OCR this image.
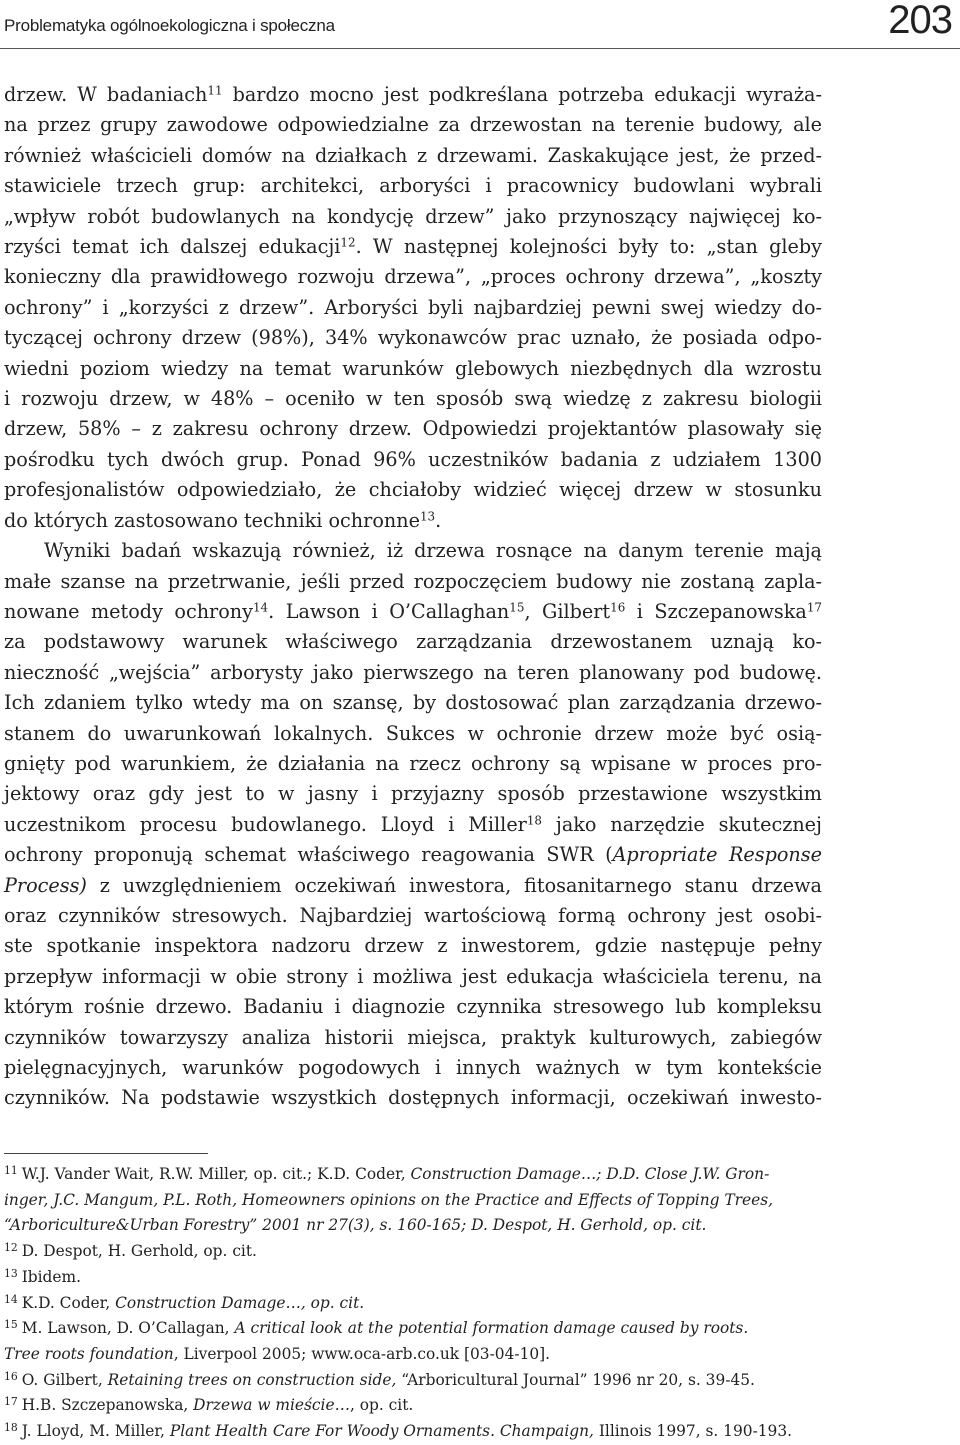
Problematyka ogólnoekologiczna i społeczna	203

drzew. W badaniach$^{11}$ bardzo mocno jest podkreślana potrzeba edukacji wyraża-
na przez grupy zawodowe odpowiedzialne za drzewostan na terenie budowy, ale
również właścicieli domów na działkach z drzewami. Zaskakujące jest, że przed-
stawiciele trzech grup: architekci, arboryści i pracownicy budowlani wybrali
„wpływ robót budowlanych na kondycję drzew” jako przynoszący najwięcej ko-
rzyści temat ich dalszej edukacji$^{12}$. W następnej kolejności były to: „stan gleby
konieczny dla prawidłowego rozwoju drzewa”, „proces ochrony drzewa”, „koszty
ochrony” i „korzyści z drzew”. Arboryści byli najbardziej pewni swej wiedzy do-
tyczącej ochrony drzew (98%), 34% wykonawców prac uznało, że posiada odpo-
wiedni poziom wiedzy na temat warunków glebowych niezbędnych dla wzrostu
i rozwoju drzew, w 48% – oceniło w ten sposób swą wiedzę z zakresu biologii
drzew, 58% – z zakresu ochrony drzew. Odpowiedzi projektantów plasowały się
pośrodku tych dwóch grup. Ponad 96% uczestników badania z udziałem 1300
profesjonalistów odpowiedziało, że chciałoby widzieć więcej drzew w stosunku
do których zastosowano techniki ochronne$^{13}$.

Wyniki badań wskazują również, iż drzewa rosnące na danym terenie mają
małe szanse na przetrwanie, jeśli przed rozpoczęciem budowy nie zostaną zapla-
nowane metody ochrony$^{14}$. Lawson i O’Callaghan$^{15}$, Gilbert$^{16}$ i Szczepanowska$^{17}$
za podstawowy warunek właściwego zarządzania drzewostanem uznają ko-
nieczność „wejścia” arborysty jako pierwszego na teren planowany pod budowę.
Ich zdaniem tylko wtedy ma on szansę, by dostosować plan zarządzania drzewo-
stanem do uwarunkowań lokalnych. Sukces w ochronie drzew może być osią-
gnięty pod warunkiem, że działania na rzecz ochrony są wpisane w proces pro-
jektowy oraz gdy jest to w jasny i przyjazny sposób przestawione wszystkim
uczestnikom procesu budowlanego. Lloyd i Miller$^{18}$ jako narzędzie skutecznej
ochrony proponują schemat właściwego reagowania SWR (Apropriate Response
Process) z uwzględnieniem oczekiwań inwestora, fitosanitarnego stanu drzewa
oraz czynników stresowych. Najbardziej wartościową formą ochrony jest osobi-
ste spotkanie inspektora nadzoru drzew z inwestorem, gdzie następuje pełny
przepływ informacji w obie strony i możliwa jest edukacja właściciela terenu, na
którym rośnie drzewo. Badaniu i diagnozie czynnika stresowego lub kompleksu
czynników towarzyszy analiza historii miejsca, praktyk kulturowych, zabiegów
pielęgnacyjnych, warunków pogodowych i innych ważnych w tym kontekście
czynników. Na podstawie wszystkich dostępnych informacji, oczekiwań inwesto-

$^{11}$ W.J. Vander Wait, R.W. Miller, op. cit.; K.D. Coder, Construction Damage…; D.D. Close J.W. Gron-
inger, J.C. Mangum, P.L. Roth, Homeowners opinions on the Practice and Effects of Topping Trees,
“Arboriculture&Urban Forestry” 2001 nr 27(3), s. 160-165; D. Despot, H. Gerhold, op. cit.
$^{12}$ D. Despot, H. Gerhold, op. cit.
$^{13}$ Ibidem.
$^{14}$ K.D. Coder, Construction Damage…, op. cit.
$^{15}$ M. Lawson, D. O’Callagan, A critical look at the potential formation damage caused by roots.
Tree roots foundation, Liverpool 2005; www.oca-arb.co.uk [03-04-10].
$^{16}$ O. Gilbert, Retaining trees on construction side, “Arboricultural Journal” 1996 nr 20, s. 39-45.
$^{17}$ H.B. Szczepanowska, Drzewa w mieście…, op. cit.
$^{18}$ J. Lloyd, M. Miller, Plant Health Care For Woody Ornaments. Champaign, Illinois 1997, s. 190-193.
